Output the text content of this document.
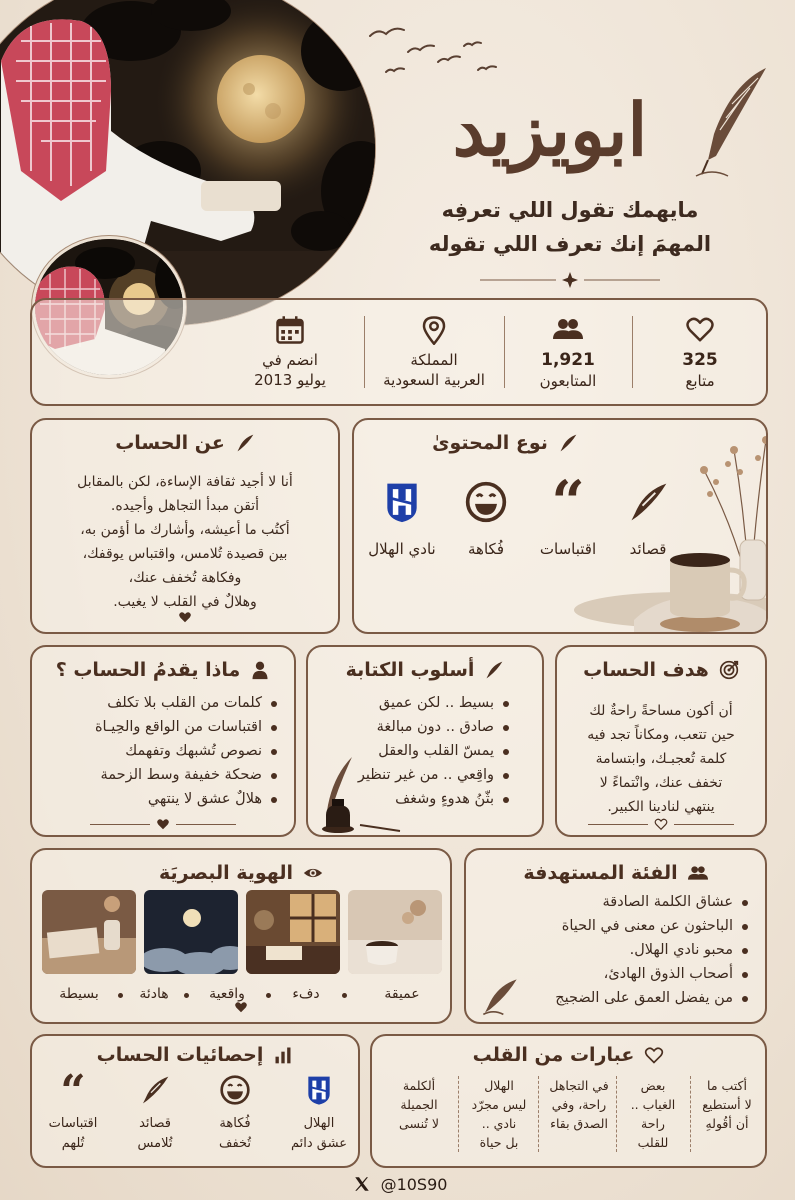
ابويزيد
مايهمك تقول اللي تعرفِه
المهمَ إنك تعرف اللي تقوله
325
متابع
1,921
المتابعون
المملكة
العربية السعودية
انضم في
يوليو 2013
عن الحساب
أنا لا أجيد ثقافة الإساءة، لكن بالمقابل
أتقن مبدأ التجاهل وأجيده.
أكتُب ما أعيشه، وأشارك ما أؤمن به،
بين قصيدة تُلامس، واقتباس يوقفك،
وفكاهة تُخفف عنك،
وهلالٌ في القلب لا يغيب.
نوع المحتوىٰ
قصائد
“
اقتباسات
فُكاهة
نادي الهلال
ماذا يقدمُ الحساب ؟
كلمات من القلب بلا تكلف
اقتباسات من الواقع والحِيـاة
نصوص تُشبهك وتفهمك
ضحكة خفيفة وسط الزحمة
هلالٌ عشق لا ينتهي
أسلوب الكتابة
بسيط .. لكن عميق
صادق .. دون مبالغة
يمسّ القلب والعقل
واقِعي .. من غير تنظير
بثّنُ هدوءٍ وشغف
هدف الحساب
أن أكون مساحةً راحةٌ لك
حين تتعب، ومكاناً تجد فيه
كلمة تُعجبـك، وابتسامة
تخفف عنك، وانْتماءً لا
ينتهي لنادينا الكبير.
الهوية البصريَة
عميقة
دفء
واقعية
هادئة
بسيطة
الفئة المستهدفة
عشاق الكلمة الصادقة
الباحثون عن معنى في الحياة
محبو نادي الهلال.
أصحاب الذوق الهادئ،
من يفضل العمق على الضجيج
إحصائيات الحساب
الهلال
عشق دائم
فُكاهة
تُخفف
قصائد
تُلامس
“
اقتباسات
تُلهم
عبارات من القلب
أكتب ما
لا أستطيع
أن أقُولهِ
بعض
الغياب ..
راحة
للقلب
في التجاهل
راحة، وفي
الصدق بقاء
الهلال
ليس مجرّد
نادي ..
بل حياة
ألكلمة
الجميلة
لا تُنسى
@10S90
